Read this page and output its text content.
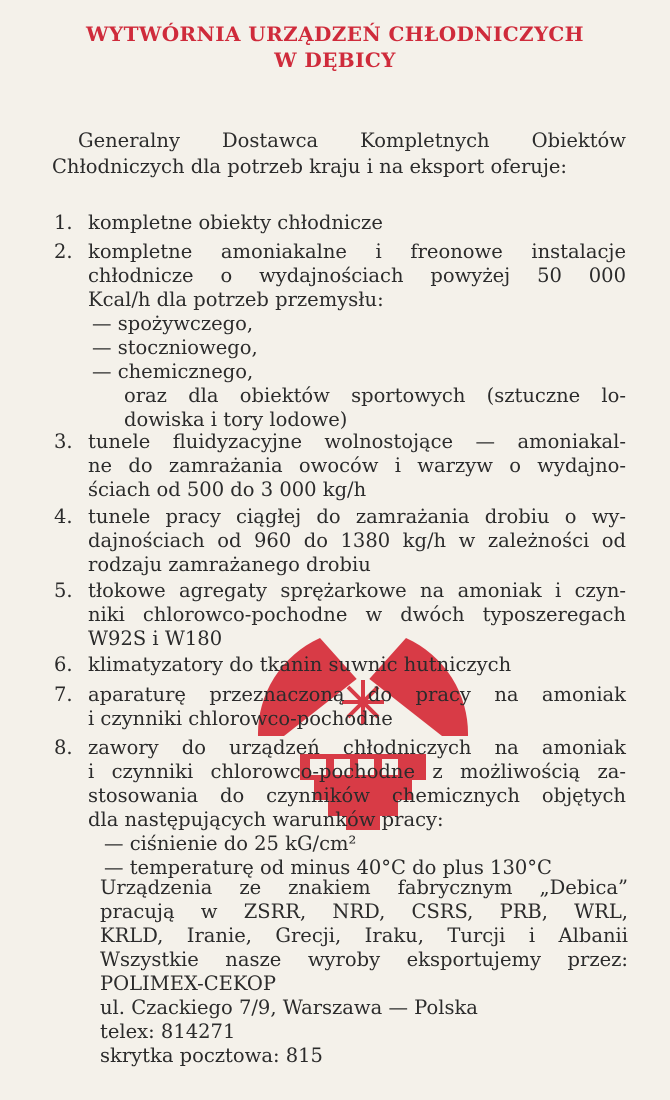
WYTWÓRNIA URZĄDZEŃ CHŁODNICZYCH
W DĘBICY
Generalny Dostawca Kompletnych Obiektów
Chłodniczych dla potrzeb kraju i na eksport oferuje:
1. kompletne obiekty chłodnicze
2. kompletne amoniakalne i freonowe instalacje
chłodnicze o wydajnościach powyżej 50 000
Kcal/h dla potrzeb przemysłu:
— spożywczego,
— stoczniowego,
— chemicznego,
oraz dla obiektów sportowych (sztuczne lo-
dowiska i tory lodowe)
3. tunele fluidyzacyjne wolnostojące — amoniakal-
ne do zamrażania owoców i warzyw o wydajno-
ściach od 500 do 3 000 kg/h
4. tunele pracy ciągłej do zamrażania drobiu o wy-
dajnościach od 960 do 1380 kg/h w zależności od
rodzaju zamrażanego drobiu
5. tłokowe agregaty sprężarkowe na amoniak i czyn-
niki chlorowco-pochodne w dwóch typoszeregach
W92S i W180
6. klimatyzatory do tkanin suwnic hutniczych
7. aparaturę przeznaczoną do pracy na amoniak
i czynniki chlorowco-pochodne
8. zawory do urządzeń chłodniczych na amoniak
i czynniki chlorowco-pochodne z możliwością za-
stosowania do czynników chemicznych objętych
dla następujących warunków pracy:
— ciśnienie do 25 kG/cm²
— temperaturę od minus 40°C do plus 130°C
Urządzenia ze znakiem fabrycznym „Debica”
pracują w ZSRR, NRD, CSRS, PRB, WRL,
KRLD, Iranie, Grecji, Iraku, Turcji i Albanii
Wszystkie nasze wyroby eksportujemy przez:
POLIMEX-CEKOP
ul. Czackiego 7/9, Warszawa — Polska
telex: 814271
skrytka pocztowa: 815
